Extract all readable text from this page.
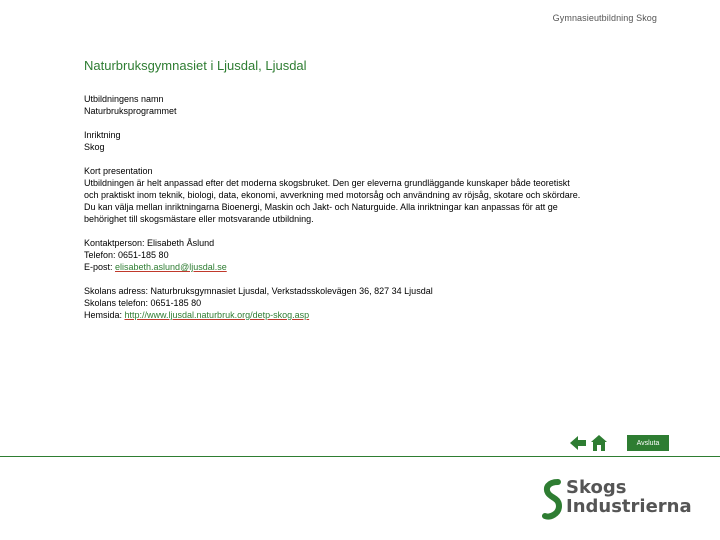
Gymnasieutbildning Skog
Naturbruksgymnasiet i Ljusdal, Ljusdal

Utbildningens namn

Naturbruksprogrammet

Inriktning

Skog

Kort presentation

Utbildningen är helt anpassad efter det moderna skogsbruket. Den ger eleverna grundläggande kunskaper både teoretiskt

och praktiskt inom teknik, biologi, data, ekonomi, avverkning med motorsåg och användning av röjsåg, skotare och skördare.

Du kan välja mellan inriktningarna Bioenergi, Maskin och Jakt- och Naturguide. Alla inriktningar kan anpassas för att ge

behörighet till skogsmästare eller motsvarande utbildning.

Kontaktperson: Elisabeth Åslund

Telefon: 0651-185 80

E-post: elisabeth.aslund@ljusdal.se

Skolans adress: Naturbruksgymnasiet Ljusdal, Verkstadsskolevägen 36, 827 34 Ljusdal

Skolans telefon: 0651-185 80

Hemsida: http://www.ljusdal.naturbruk.org/detp-skog.asp

Avsluta
Skogs
Industrierna
